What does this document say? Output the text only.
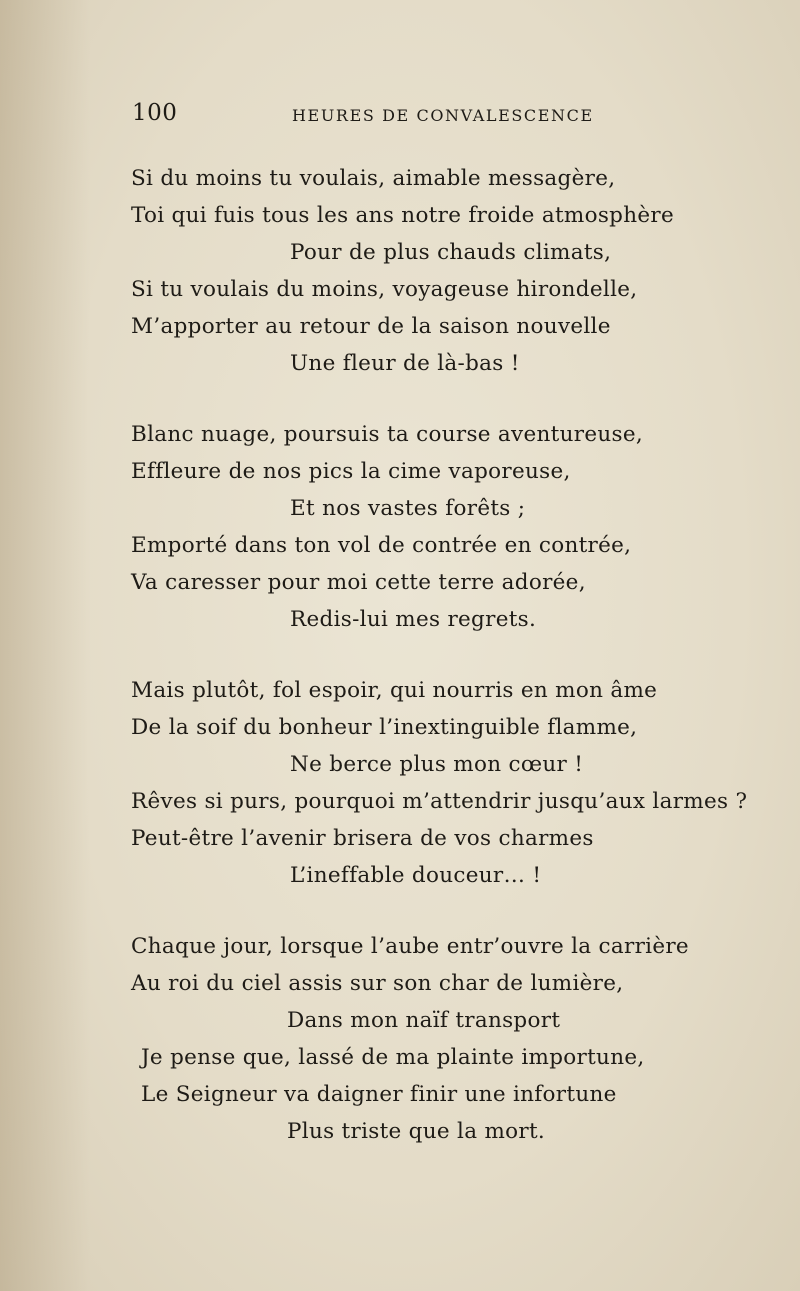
100	HEURES DE CONVALESCENCE
Si du moins tu voulais, aimable messagère,
Toi qui fuis tous les ans notre froide atmosphère
Pour de plus chauds climats,
Si tu voulais du moins, voyageuse hirondelle,
M’apporter au retour de la saison nouvelle
Une fleur de là-bas !
Blanc nuage, poursuis ta course aventureuse,
Effleure de nos pics la cime vaporeuse,
Et nos vastes forêts ;
Emporté dans ton vol de contrée en contrée,
Va caresser pour moi cette terre adorée,
Redis-lui mes regrets.
Mais plutôt, fol espoir, qui nourris en mon âme
De la soif du bonheur l’inextinguible flamme,
Ne berce plus mon cœur !
Rêves si purs, pourquoi m’attendrir jusqu’aux larmes ?
Peut-être l’avenir brisera de vos charmes
L’ineffable douceur… !
Chaque jour, lorsque l’aube entr’ouvre la carrière
Au roi du ciel assis sur son char de lumière,
Dans mon naïf transport
Je pense que, lassé de ma plainte importune,
Le Seigneur va daigner finir une infortune
Plus triste que la mort.
